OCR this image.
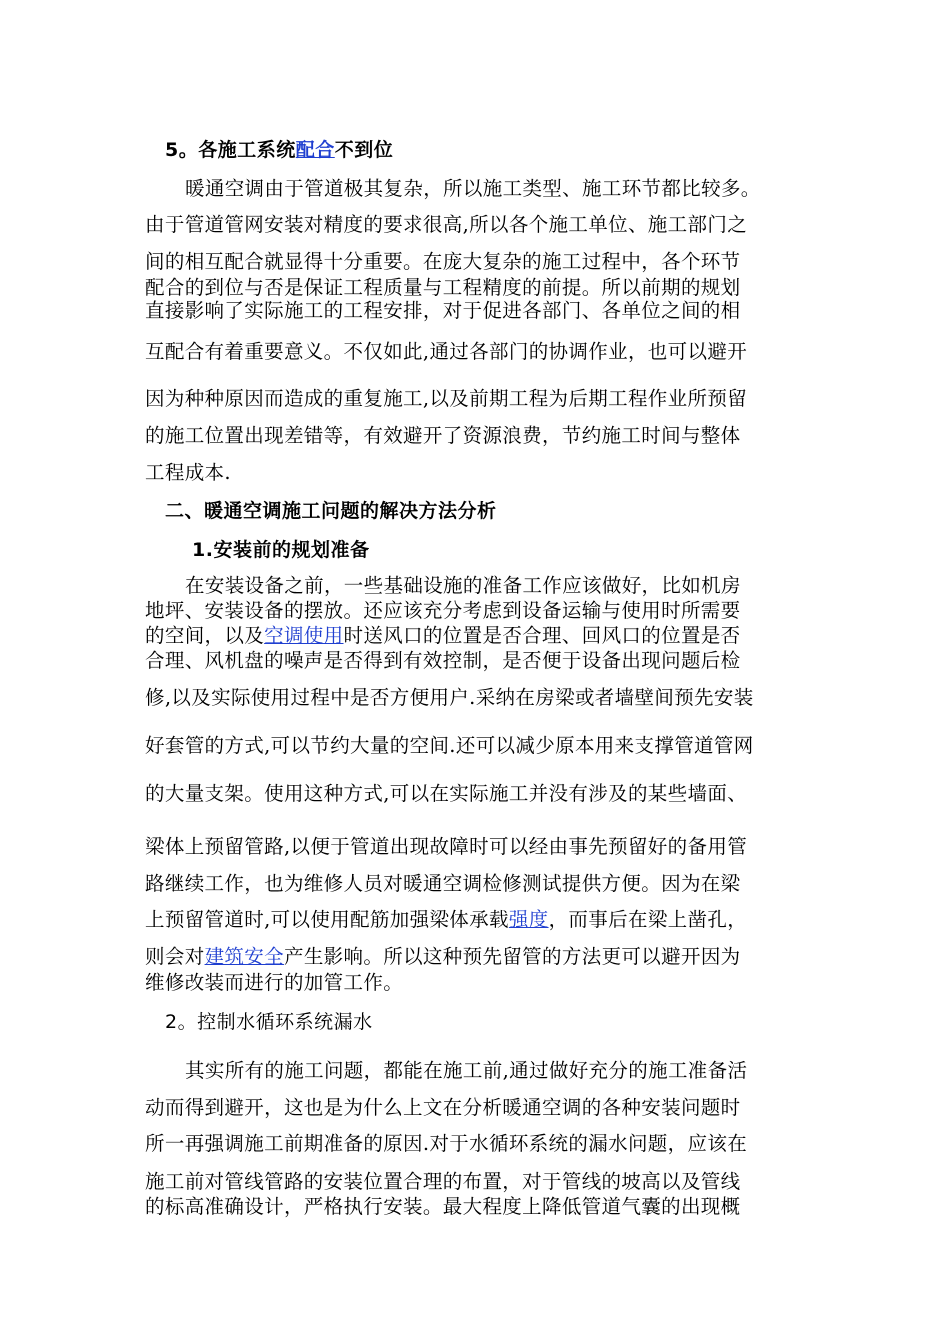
5。各施工系统配合不到位
暖通空调由于管道极其复杂，所以施工类型、施工环节都比较多。
由于管道管网安装对精度的要求很高,所以各个施工单位、施工部门之
间的相互配合就显得十分重要。在庞大复杂的施工过程中，各个环节
配合的到位与否是保证工程质量与工程精度的前提。所以前期的规划
直接影响了实际施工的工程安排，对于促进各部门、各单位之间的相
互配合有着重要意义。不仅如此,通过各部门的协调作业，也可以避开
因为种种原因而造成的重复施工,以及前期工程为后期工程作业所预留
的施工位置出现差错等，有效避开了资源浪费，节约施工时间与整体
工程成本.
二、暖通空调施工问题的解决方法分析
1.安装前的规划准备
在安装设备之前，一些基础设施的准备工作应该做好，比如机房
地坪、安装设备的摆放。还应该充分考虑到设备运输与使用时所需要
的空间，以及空调使用时送风口的位置是否合理、回风口的位置是否
合理、风机盘的噪声是否得到有效控制，是否便于设备出现问题后检
修,以及实际使用过程中是否方便用户.采纳在房梁或者墙壁间预先安装
好套管的方式,可以节约大量的空间.还可以减少原本用来支撑管道管网
的大量支架。使用这种方式,可以在实际施工并没有涉及的某些墙面、
梁体上预留管路,以便于管道出现故障时可以经由事先预留好的备用管
路继续工作，也为维修人员对暖通空调检修测试提供方便。因为在梁
上预留管道时,可以使用配筋加强梁体承载强度，而事后在梁上凿孔，
则会对建筑安全产生影响。所以这种预先留管的方法更可以避开因为
维修改装而进行的加管工作。
2。控制水循环系统漏水
其实所有的施工问题，都能在施工前,通过做好充分的施工准备活
动而得到避开，这也是为什么上文在分析暖通空调的各种安装问题时
所一再强调施工前期准备的原因.对于水循环系统的漏水问题，应该在
施工前对管线管路的安装位置合理的布置，对于管线的坡高以及管线
的标高准确设计，严格执行安装。最大程度上降低管道气囊的出现概
